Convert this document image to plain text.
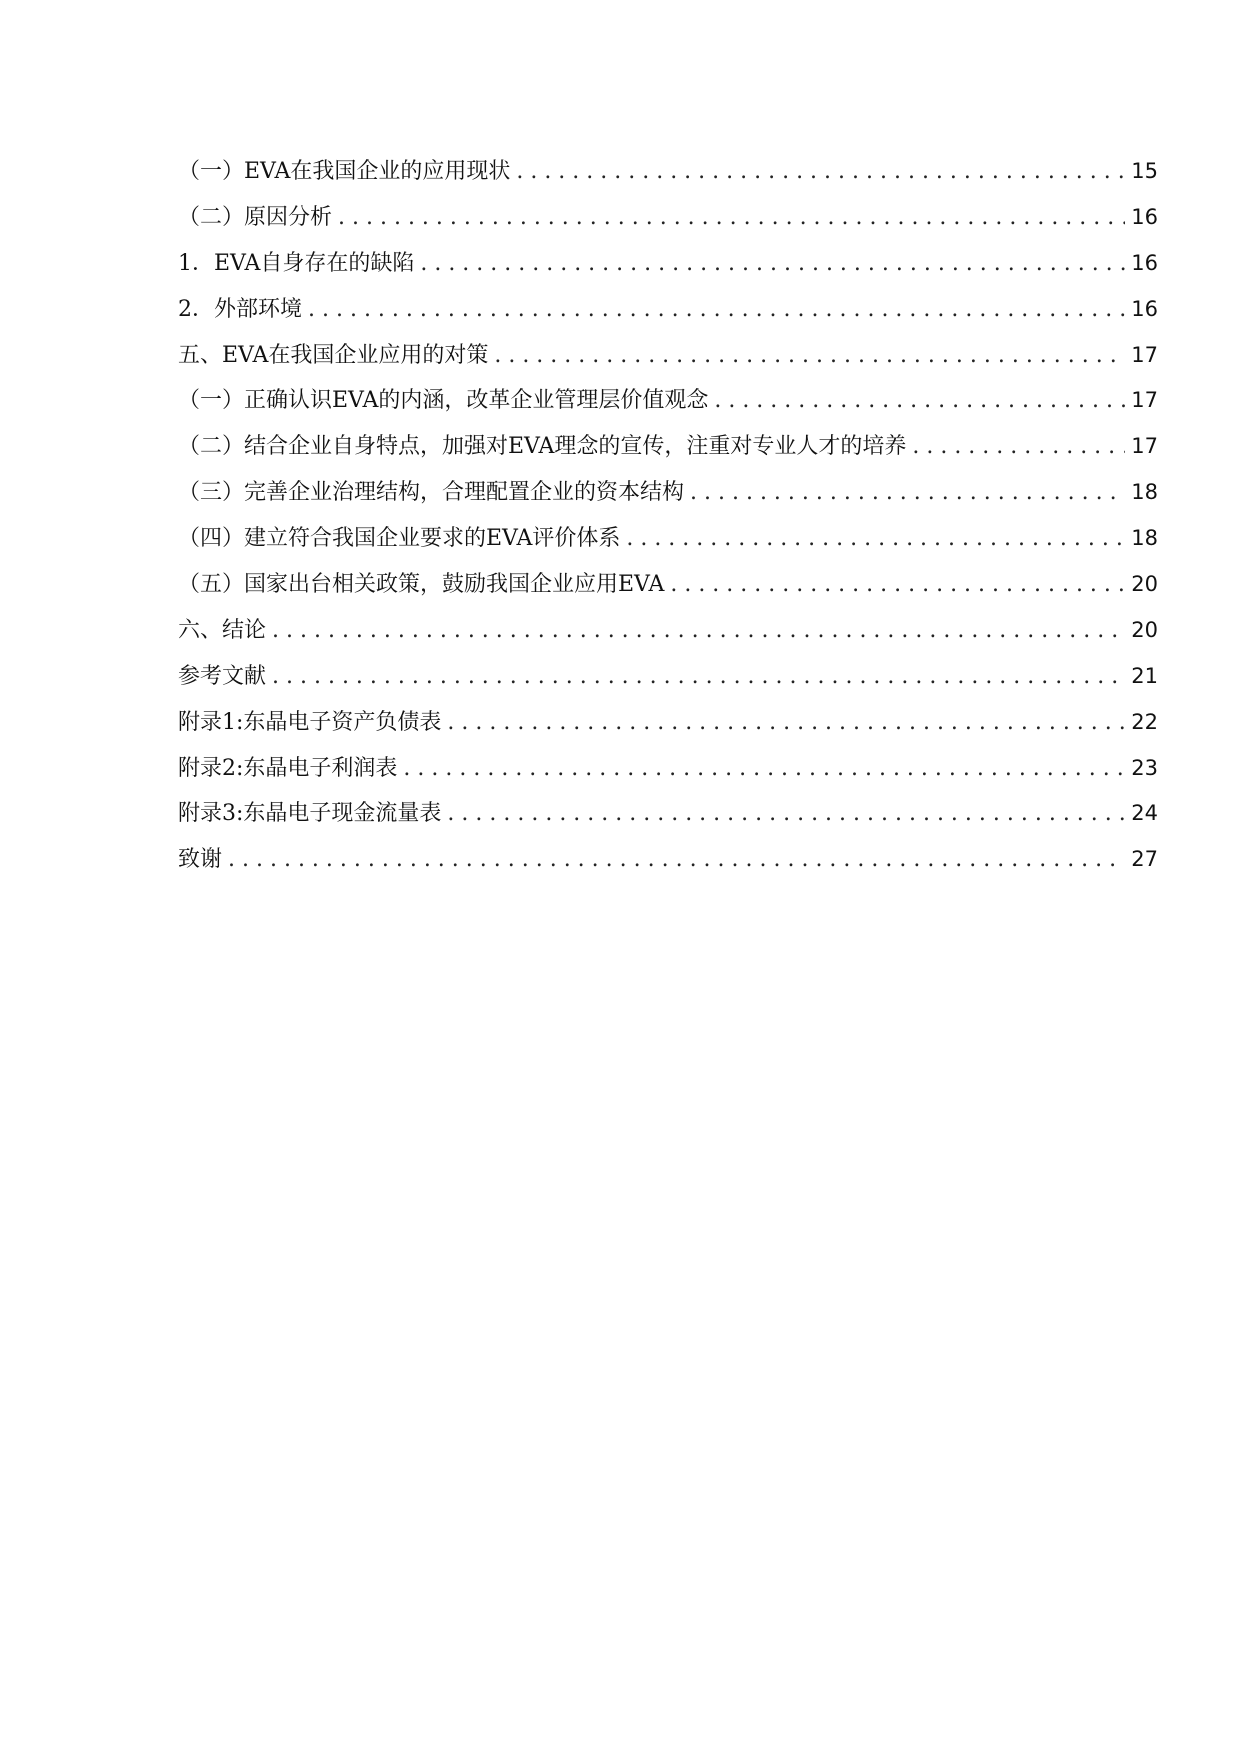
（一）EVA在我国企业的应用现状 . . .	15
（二）原因分析 . . .	16
1．EVA自身存在的缺陷 . . .	16
2．外部环境 . . .	16
五、EVA在我国企业应用的对策 . . .	17
（一）正确认识EVA的内涵，改革企业管理层价值观念 . . .	17
（二）结合企业自身特点，加强对EVA理念的宣传，注重对专业人才的培养 . . .	17
（三）完善企业治理结构，合理配置企业的资本结构 . . .	18
（四）建立符合我国企业要求的EVA评价体系 . . .	18
（五）国家出台相关政策，鼓励我国企业应用EVA . . .	20
六、结论 . . .	20
参考文献 . . .	21
附录1:东晶电子资产负债表 . . .	22
附录2:东晶电子利润表 . . .	23
附录3:东晶电子现金流量表 . . .	24
致谢 . . .	27
